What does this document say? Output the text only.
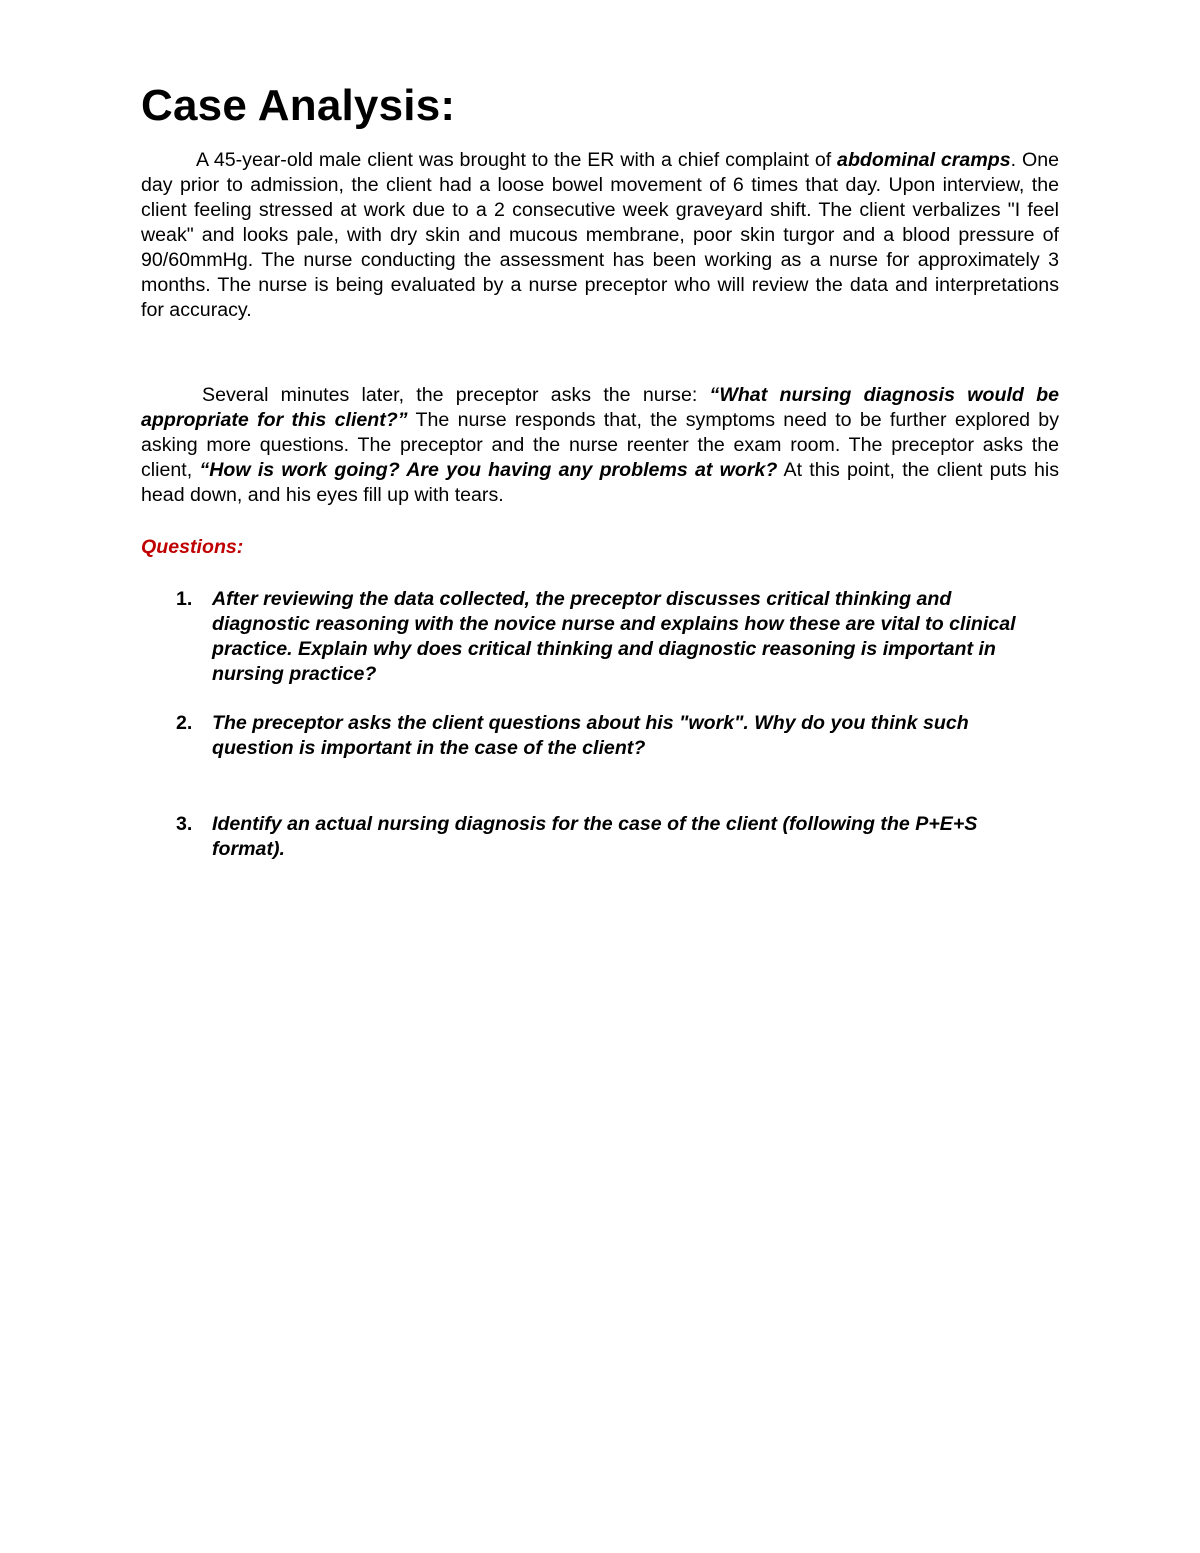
Case Analysis:

A 45-year-old male client was brought to the ER with a chief complaint of abdominal cramps. One day prior to admission, the client had a loose bowel movement of 6 times that day. Upon interview, the client feeling stressed at work due to a 2 consecutive week graveyard shift. The client verbalizes "I feel weak" and looks pale, with dry skin and mucous membrane, poor skin turgor and a blood pressure of 90/60mmHg. The nurse conducting the assessment has been working as a nurse for approximately 3 months. The nurse is being evaluated by a nurse preceptor who will review the data and interpretations for accuracy.

Several minutes later, the preceptor asks the nurse: “What nursing diagnosis would be appropriate for this client?” The nurse responds that, the symptoms need to be further explored by asking more questions. The preceptor and the nurse reenter the exam room. The preceptor asks the client, “How is work going? Are you having any problems at work? At this point, the client puts his head down, and his eyes fill up with tears.

Questions:
1. After reviewing the data collected, the preceptor discusses critical thinking and diagnostic reasoning with the novice nurse and explains how these are vital to clinical practice. Explain why does critical thinking and diagnostic reasoning is important in nursing practice?
2. The preceptor asks the client questions about his "work". Why do you think such question is important in the case of the client?
3. Identify an actual nursing diagnosis for the case of the client (following the P+E+S format).
